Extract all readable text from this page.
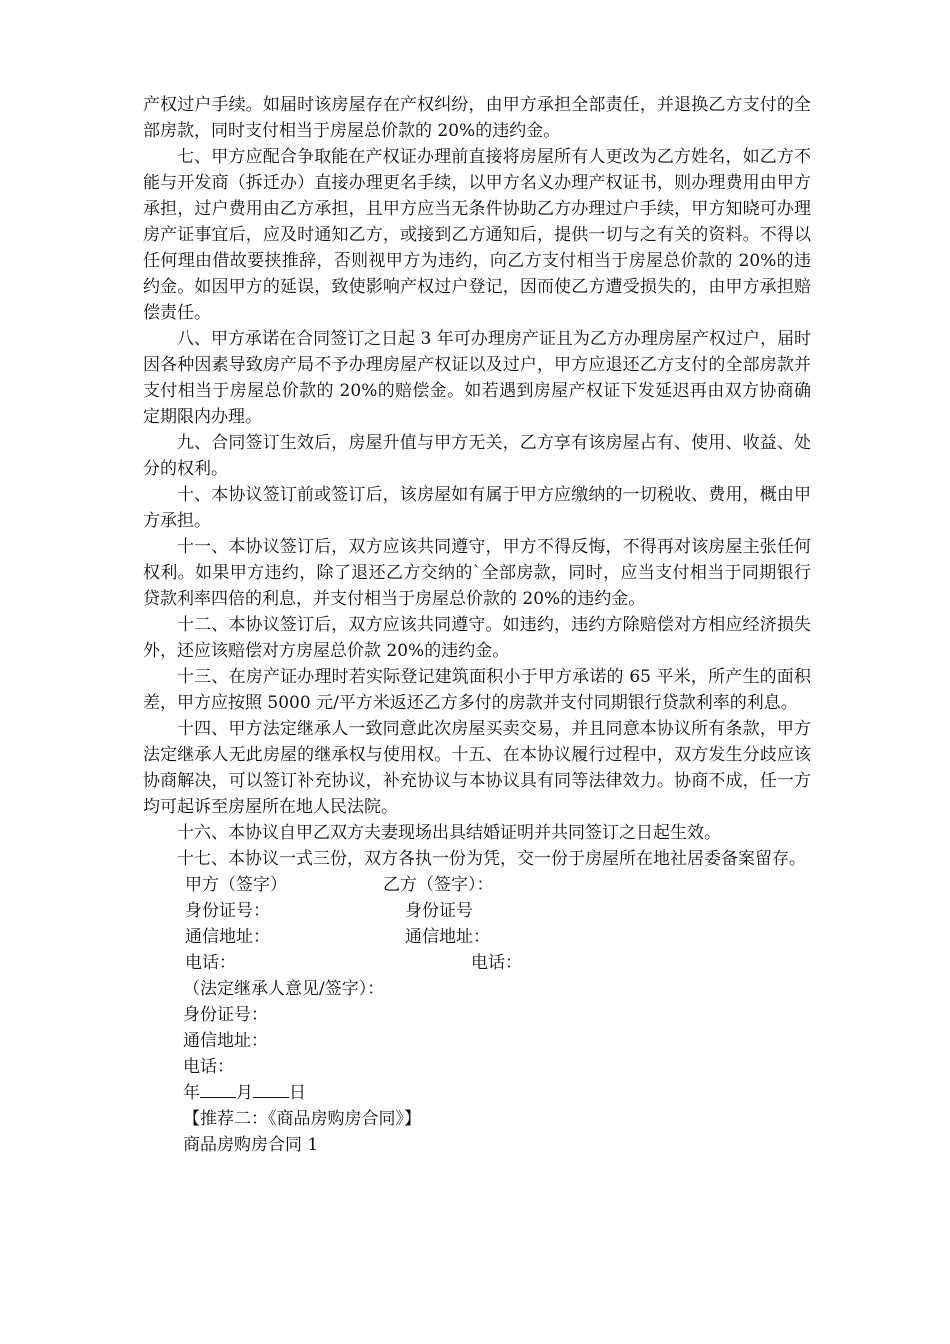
产权过户手续。如届时该房屋存在产权纠纷，由甲方承担全部责任，并退换乙方支付的全部房款，同时支付相当于房屋总价款的 20%的违约金。

七、甲方应配合争取能在产权证办理前直接将房屋所有人更改为乙方姓名，如乙方不能与开发商（拆迁办）直接办理更名手续，以甲方名义办理产权证书，则办理费用由甲方承担，过户费用由乙方承担，且甲方应当无条件协助乙方办理过户手续，甲方知晓可办理房产证事宜后，应及时通知乙方，或接到乙方通知后，提供一切与之有关的资料。不得以任何理由借故要挟推辞，否则视甲方为违约，向乙方支付相当于房屋总价款的 20%的违约金。如因甲方的延误，致使影响产权过户登记，因而使乙方遭受损失的，由甲方承担赔偿责任。

八、甲方承诺在合同签订之日起 3 年可办理房产证且为乙方办理房屋产权过户，届时因各种因素导致房产局不予办理房屋产权证以及过户，甲方应退还乙方支付的全部房款并支付相当于房屋总价款的 20%的赔偿金。如若遇到房屋产权证下发延迟再由双方协商确定期限内办理。

九、合同签订生效后，房屋升值与甲方无关，乙方享有该房屋占有、使用、收益、处分的权利。

十、本协议签订前或签订后，该房屋如有属于甲方应缴纳的一切税收、费用，概由甲方承担。

十一、本协议签订后，双方应该共同遵守，甲方不得反悔，不得再对该房屋主张任何权利。如果甲方违约，除了退还乙方交纳的`全部房款，同时，应当支付相当于同期银行贷款利率四倍的利息，并支付相当于房屋总价款的 20%的违约金。

十二、本协议签订后，双方应该共同遵守。如违约，违约方除赔偿对方相应经济损失外，还应该赔偿对方房屋总价款 20%的违约金。

十三、在房产证办理时若实际登记建筑面积小于甲方承诺的 65 平米，所产生的面积差，甲方应按照 5000 元/平方米返还乙方多付的房款并支付同期银行贷款利率的利息。

十四、甲方法定继承人一致同意此次房屋买卖交易，并且同意本协议所有条款，甲方法定继承人无此房屋的继承权与使用权。十五、在本协议履行过程中，双方发生分歧应该协商解决，可以签订补充协议，补充协议与本协议具有同等法律效力。协商不成，任一方均可起诉至房屋所在地人民法院。

十六、本协议自甲乙双方夫妻现场出具结婚证明并共同签订之日起生效。

十七、本协议一式三份，双方各执一份为凭，交一份于房屋所在地社居委备案留存。

甲方（签字）	乙方（签字）：
身份证号：	身份证号
通信地址：	通信地址：
电话：	电话：
（法定继承人意见/签字）：
身份证号：
通信地址：
电话：
年 月 日
【推荐二：《商品房购房合同》】
商品房购房合同 1
